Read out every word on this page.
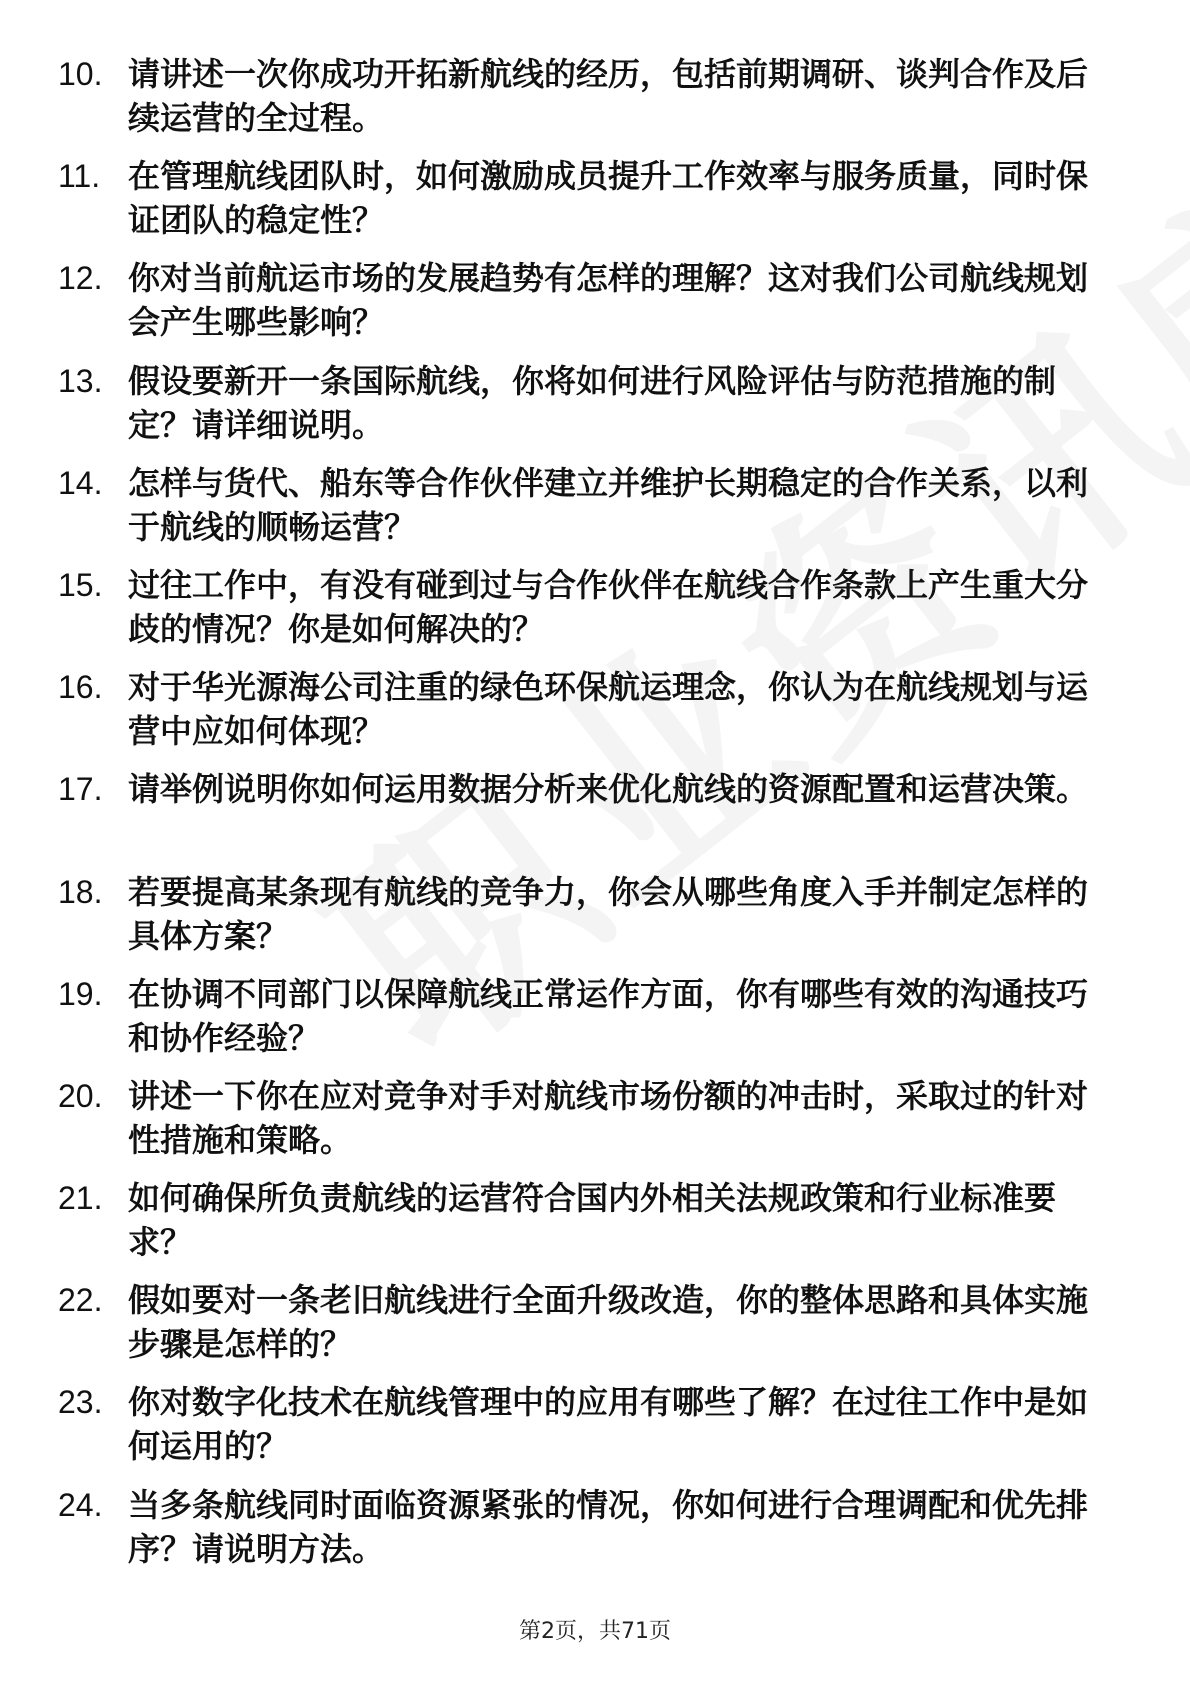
10. 请讲述一次你成功开拓新航线的经历，包括前期调研、谈判合作及后续运营的全过程。
11. 在管理航线团队时，如何激励成员提升工作效率与服务质量，同时保证团队的稳定性？
12. 你对当前航运市场的发展趋势有怎样的理解？这对我们公司航线规划会产生哪些影响？
13. 假设要新开一条国际航线，你将如何进行风险评估与防范措施的制定？请详细说明。
14. 怎样与货代、船东等合作伙伴建立并维护长期稳定的合作关系，以利于航线的顺畅运营？
15. 过往工作中，有没有碰到过与合作伙伴在航线合作条款上产生重大分歧的情况？你是如何解决的？
16. 对于华光源海公司注重的绿色环保航运理念，你认为在航线规划与运营中应如何体现？
17. 请举例说明你如何运用数据分析来优化航线的资源配置和运营决策。
18. 若要提高某条现有航线的竞争力，你会从哪些角度入手并制定怎样的具体方案？
19. 在协调不同部门以保障航线正常运作方面，你有哪些有效的沟通技巧和协作经验？
20. 讲述一下你在应对竞争对手对航线市场份额的冲击时，采取过的针对性措施和策略。
21. 如何确保所负责航线的运营符合国内外相关法规政策和行业标准要求？
22. 假如要对一条老旧航线进行全面升级改造，你的整体思路和具体实施步骤是怎样的？
23. 你对数字化技术在航线管理中的应用有哪些了解？在过往工作中是如何运用的？
24. 当多条航线同时面临资源紧张的情况，你如何进行合理调配和优先排序？请说明方法。
第2页，共71页
